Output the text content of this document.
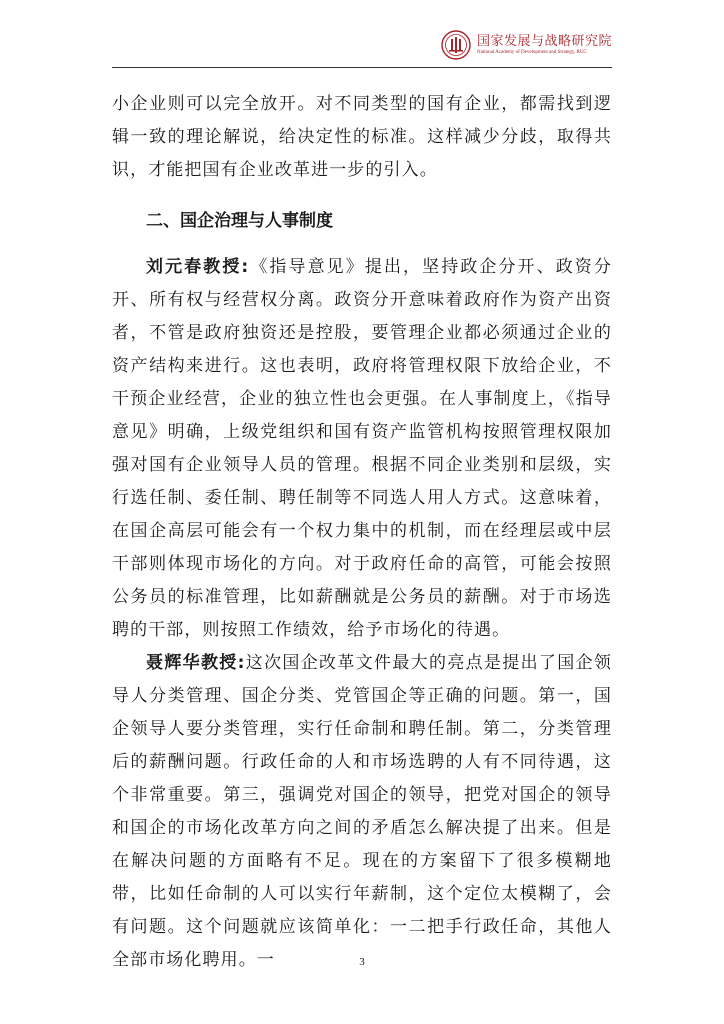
国家发展与战略研究院
National Academy of Development and Strategy, RUC

小企业则可以完全放开。对不同类型的国有企业，都需找到逻辑一致的理论解说，给决定性的标准。这样减少分歧，取得共识，才能把国有企业改革进一步的引入。

二、国企治理与人事制度

刘元春教授:《指导意见》提出，坚持政企分开、政资分开、所有权与经营权分离。政资分开意味着政府作为资产出资者，不管是政府独资还是控股，要管理企业都必须通过企业的资产结构来进行。这也表明，政府将管理权限下放给企业，不干预企业经营，企业的独立性也会更强。在人事制度上，《指导意见》明确，上级党组织和国有资产监管机构按照管理权限加强对国有企业领导人员的管理。根据不同企业类别和层级，实行选任制、委任制、聘任制等不同选人用人方式。这意味着，在国企高层可能会有一个权力集中的机制，而在经理层或中层干部则体现市场化的方向。对于政府任命的高管，可能会按照公务员的标准管理，比如薪酬就是公务员的薪酬。对于市场选聘的干部，则按照工作绩效，给予市场化的待遇。

聂辉华教授:这次国企改革文件最大的亮点是提出了国企领导人分类管理、国企分类、党管国企等正确的问题。第一，国企领导人要分类管理，实行任命制和聘任制。第二，分类管理后的薪酬问题。行政任命的人和市场选聘的人有不同待遇，这个非常重要。第三，强调党对国企的领导，把党对国企的领导和国企的市场化改革方向之间的矛盾怎么解决提了出来。但是在解决问题的方面略有不足。现在的方案留下了很多模糊地带，比如任命制的人可以实行年薪制，这个定位太模糊了，会有问题。这个问题就应该简单化：一二把手行政任命，其他人全部市场化聘用。一	3
